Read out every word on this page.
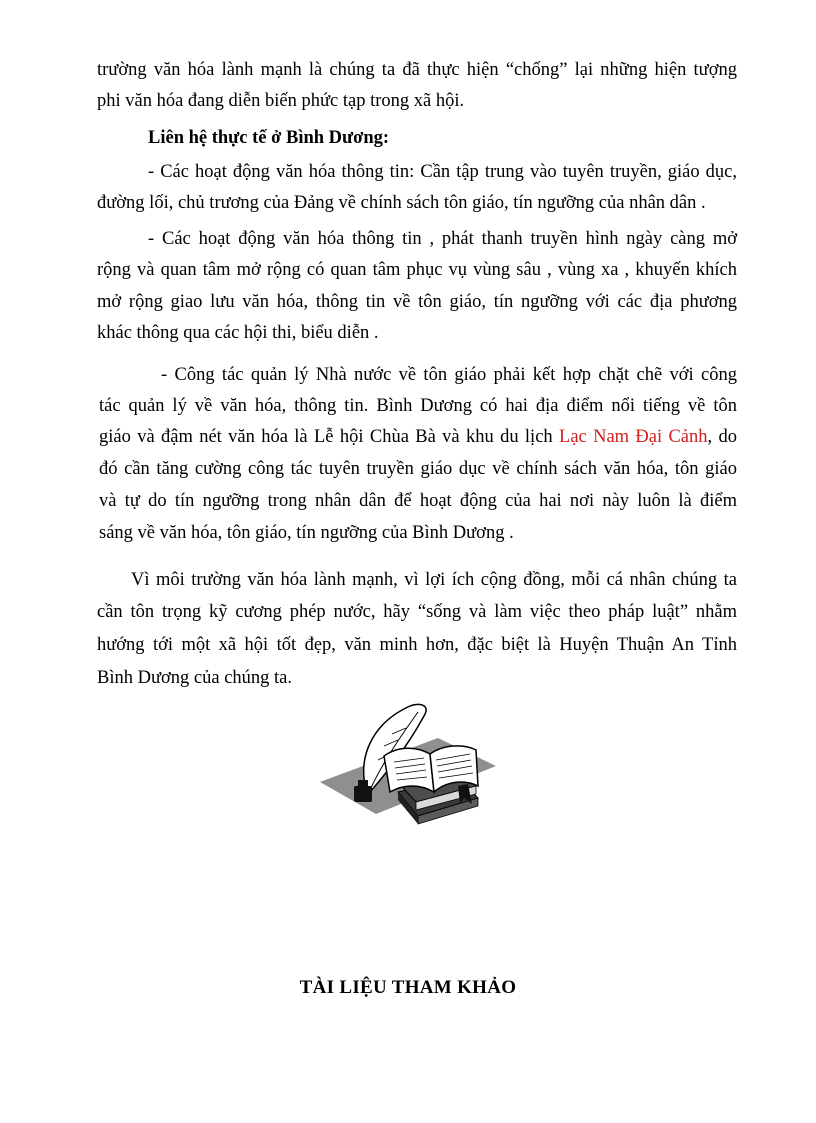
trường văn hóa lành mạnh là chúng ta đã thực hiện “chống” lại những hiện tượng
phi văn hóa đang diễn biến phức tạp trong xã hội.
Liên hệ thực tế ở Bình Dương:
- Các hoạt động văn hóa thông tin: Cần tập trung vào tuyên truyền, giáo dục,
đường lối, chủ trương của Đảng về chính sách tôn giáo, tín ngưỡng của nhân dân .
- Các hoạt động văn hóa thông tin , phát thanh truyền hình ngày càng mở
rộng và quan tâm mở rộng có quan tâm phục vụ vùng sâu , vùng xa , khuyến khích
mở rộng giao lưu văn hóa, thông tin về tôn giáo, tín ngưỡng với các địa phương
khác thông qua các hội thi, biểu diễn .
- Công tác quản lý Nhà nước về tôn giáo phải kết hợp chặt chẽ với công
tác quản lý về văn hóa, thông tin. Bình Dương có hai địa điểm nổi tiếng về tôn
giáo và đậm nét văn hóa là Lễ hội Chùa Bà và khu du lịch Lạc Nam Đại Cảnh, do
đó cần tăng cường công tác tuyên truyền giáo dục về chính sách văn hóa, tôn giáo
và tự do tín ngưỡng trong nhân dân để hoạt động của hai nơi này luôn là điểm
sáng về văn hóa, tôn giáo, tín ngưỡng của Bình Dương .
Vì môi trường văn hóa lành mạnh, vì lợi ích cộng đồng, mỗi cá nhân chúng ta
cần tôn trọng kỹ cương phép nước, hãy “sống và làm việc theo pháp luật” nhằm
hướng tới một xã hội tốt đẹp, văn minh hơn, đặc biệt là Huyện Thuận An Tỉnh
Bình Dương của chúng ta.
TÀI LIỆU THAM KHẢO
